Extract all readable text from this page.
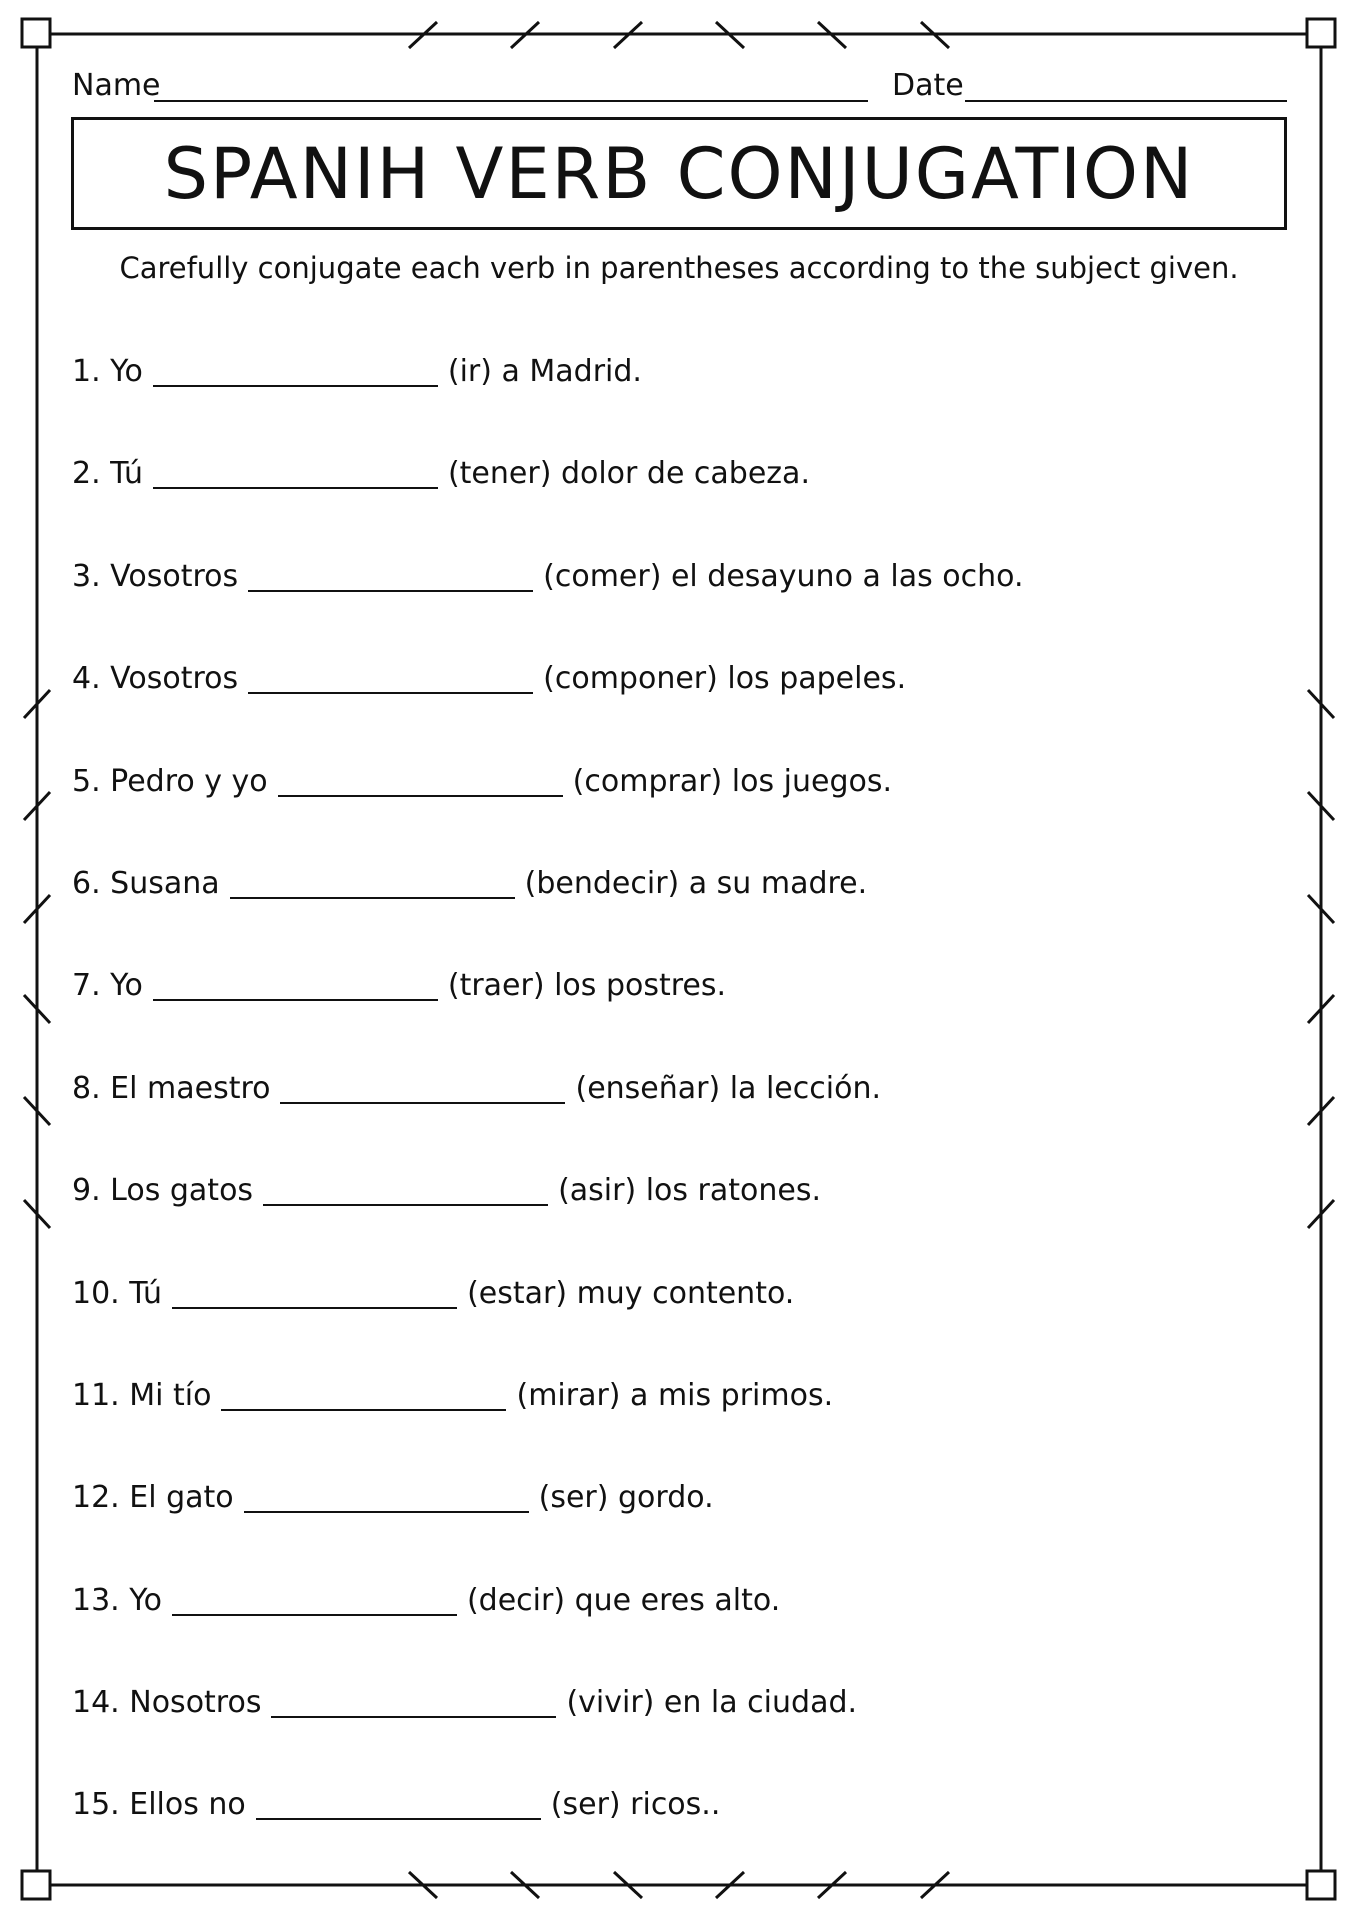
Name	Date
SPANIH VERB CONJUGATION
Carefully conjugate each verb in parentheses according to the subject given.
1. Yo	(ir) a Madrid.
2. Tú	(tener) dolor de cabeza.
3. Vosotros	(comer) el desayuno a las ocho.
4. Vosotros	(componer) los papeles.
5. Pedro y yo	(comprar) los juegos.
6. Susana	(bendecir) a su madre.
7. Yo	(traer) los postres.
8. El maestro	(enseñar) la lección.
9. Los gatos	(asir) los ratones.
10. Tú	(estar) muy contento.
11. Mi tío	(mirar) a mis primos.
12. El gato	(ser) gordo.
13. Yo	(decir) que eres alto.
14. Nosotros	(vivir) en la ciudad.
15. Ellos no	(ser) ricos..
